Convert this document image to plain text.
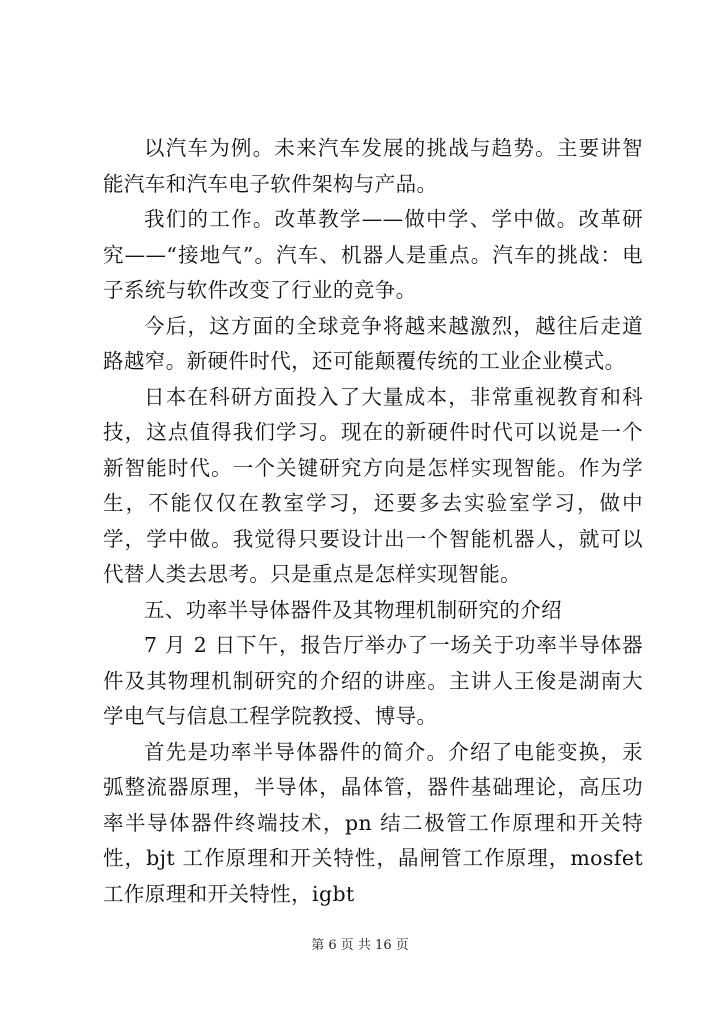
以汽车为例。未来汽车发展的挑战与趋势。主要讲智能汽车和汽车电子软件架构与产品。

我们的工作。改革教学——做中学、学中做。改革研究——“接地气”。汽车、机器人是重点。汽车的挑战：电子系统与软件改变了行业的竞争。

今后，这方面的全球竞争将越来越激烈，越往后走道路越窄。新硬件时代，还可能颠覆传统的工业企业模式。

日本在科研方面投入了大量成本，非常重视教育和科技，这点值得我们学习。现在的新硬件时代可以说是一个新智能时代。一个关键研究方向是怎样实现智能。作为学生，不能仅仅在教室学习，还要多去实验室学习，做中学，学中做。我觉得只要设计出一个智能机器人，就可以代替人类去思考。只是重点是怎样实现智能。

五、功率半导体器件及其物理机制研究的介绍

7 月 2 日下午，报告厅举办了一场关于功率半导体器件及其物理机制研究的介绍的讲座。主讲人王俊是湖南大学电气与信息工程学院教授、博导。

首先是功率半导体器件的简介。介绍了电能变换，汞弧整流器原理，半导体，晶体管，器件基础理论，高压功率半导体器件终端技术，pn 结二极管工作原理和开关特性，bjt 工作原理和开关特性，晶闸管工作原理，mosfet 工作原理和开关特性，igbt

第 6 页 共 16 页
